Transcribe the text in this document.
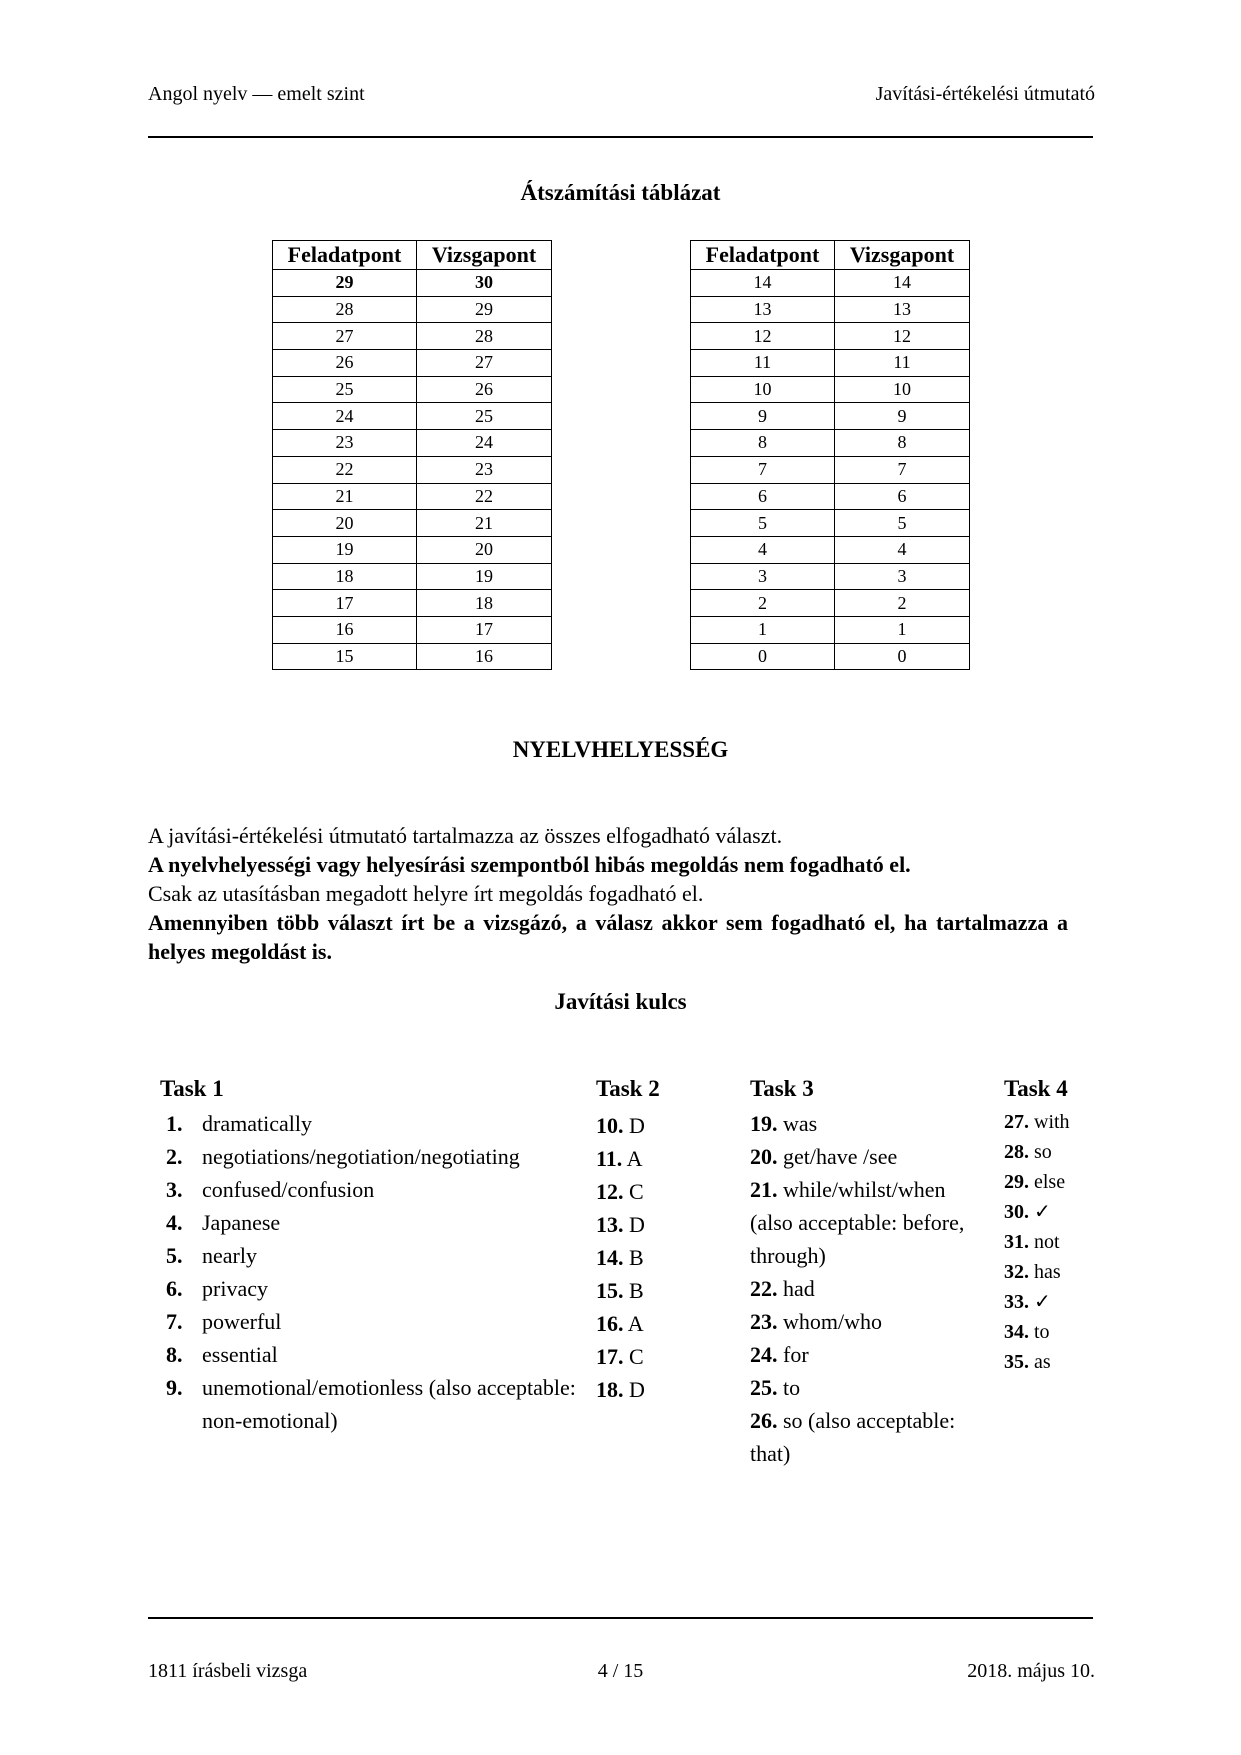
Angol nyelv — emelt szint	Javítási-értékelési útmutató
Átszámítási táblázat
Feladatpont	Vizsgapont
29	30
28	29
27	28
26	27
25	26
24	25
23	24
22	23
21	22
20	21
19	20
18	19
17	18
16	17
15	16
Feladatpont	Vizsgapont
14	14
13	13
12	12
11	11
10	10
9	9
8	8
7	7
6	6
5	5
4	4
3	3
2	2
1	1
0	0
NYELVHELYESSÉG
A javítási-értékelési útmutató tartalmazza az összes elfogadható választ.
A nyelvhelyességi vagy helyesírási szempontból hibás megoldás nem fogadható el.
Csak az utasításban megadott helyre írt megoldás fogadható el.
Amennyiben több választ írt be a vizsgázó, a válasz akkor sem fogadható el, ha tartalmazza a helyes megoldást is.
Javítási kulcs
Task 1
1. dramatically
2. negotiations/negotiation/negotiating
3. confused/confusion
4. Japanese
5. nearly
6. privacy
7. powerful
8. essential
9. unemotional/emotionless (also acceptable: non-emotional)
Task 2
10. D
11. A
12. C
13. D
14. B
15. B
16. A
17. C
18. D
Task 3
19. was
20. get/have /see
21. while/whilst/when (also acceptable: before, through)
22. had
23. whom/who
24. for
25. to
26. so (also acceptable: that)
Task 4
27. with
28. so
29. else
30. ✓
31. not
32. has
33. ✓
34. to
35. as
1811 írásbeli vizsga	4 / 15	2018. május 10.
